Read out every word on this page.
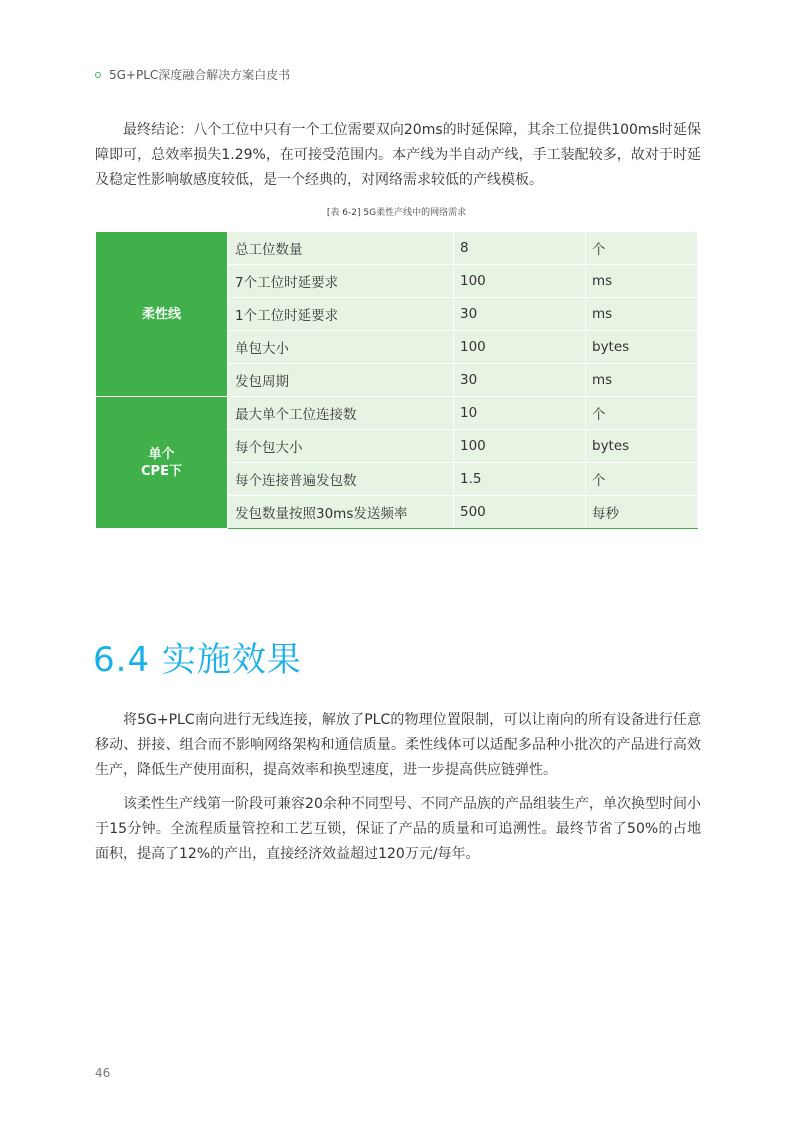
5G+PLC深度融合解决方案白皮书

最终结论：八个工位中只有一个工位需要双向20ms的时延保障，其余工位提供100ms时延保障即可，总效率损失1.29%，在可接受范围内。本产线为半自动产线，手工装配较多，故对于时延及稳定性影响敏感度较低，是一个经典的，对网络需求较低的产线模板。

[表 6-2] 5G柔性产线中的网络需求
柔性线	总工位数量	8	个
	7个工位时延要求	100	ms
	1个工位时延要求	30	ms
	单包大小	100	bytes
	发包周期	30	ms
单个
CPE下	最大单个工位连接数	10	个
	每个包大小	100	bytes
	每个连接普遍发包数	1.5	个
	发包数量按照30ms发送频率	500	每秒
6.4 实施效果

将5G+PLC南向进行无线连接，解放了PLC的物理位置限制，可以让南向的所有设备进行任意移动、拼接、组合而不影响网络架构和通信质量。柔性线体可以适配多品种小批次的产品进行高效生产，降低生产使用面积，提高效率和换型速度，进一步提高供应链弹性。

该柔性生产线第一阶段可兼容20余种不同型号、不同产品族的产品组装生产，单次换型时间小于15分钟。全流程质量管控和工艺互锁，保证了产品的质量和可追溯性。最终节省了50%的占地面积，提高了12%的产出，直接经济效益超过120万元/每年。

46
